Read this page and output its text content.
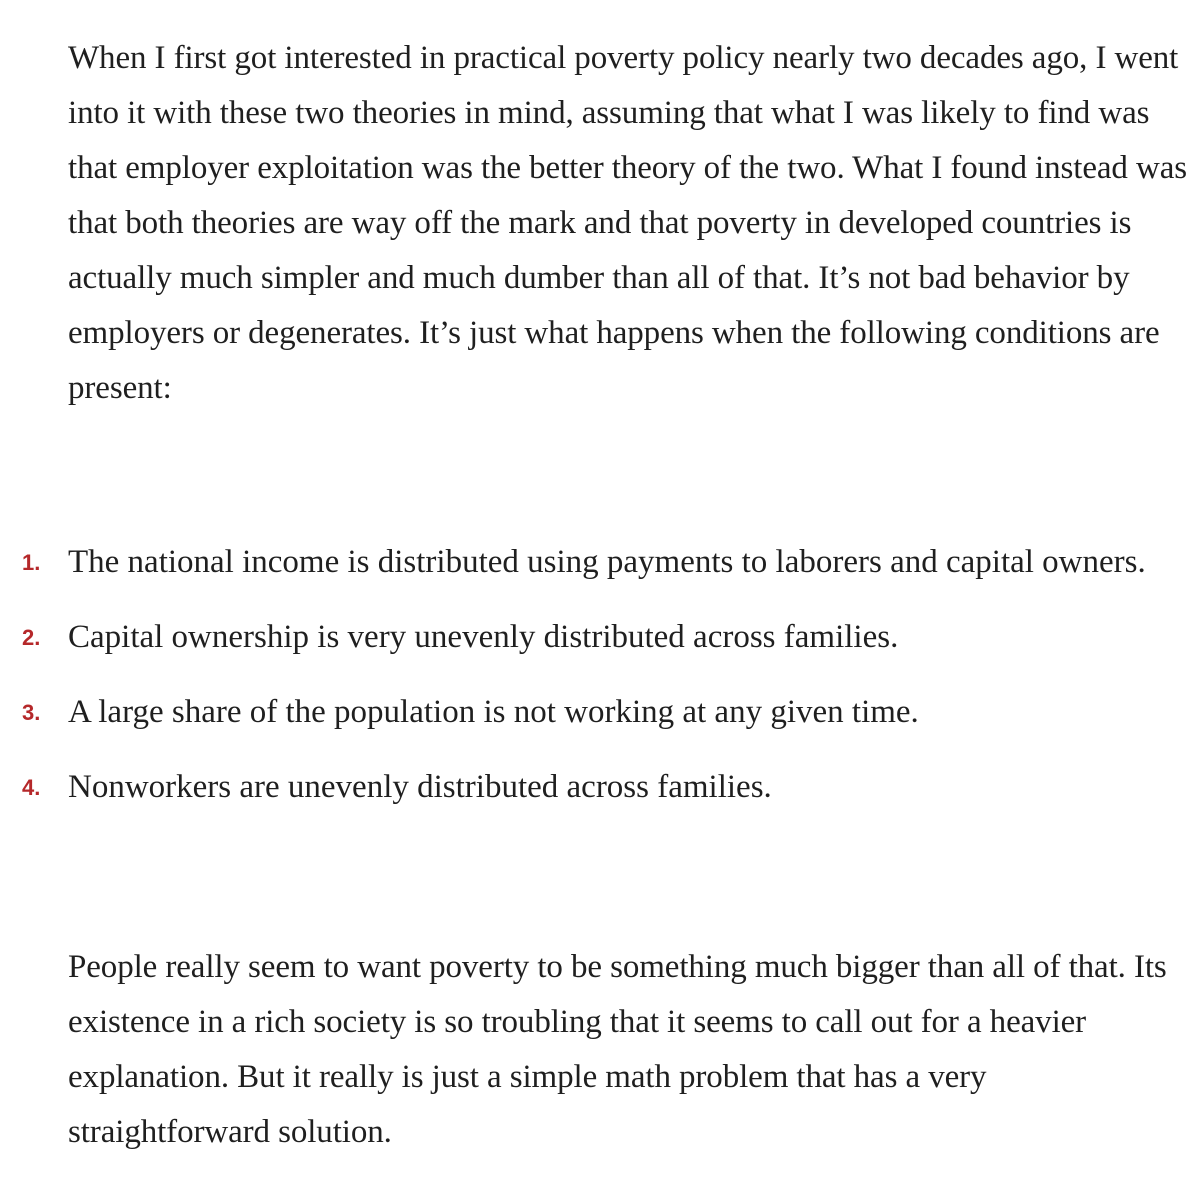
When I first got interested in practical poverty policy nearly two decades ago, I went into it with these two theories in mind, assuming that what I was likely to find was that employer exploitation was the better theory of the two. What I found instead was that both theories are way off the mark and that poverty in developed countries is actually much simpler and much dumber than all of that. It’s not bad behavior by employers or degenerates. It’s just what happens when the following conditions are present:

1. The national income is distributed using payments to laborers and capital owners.
2. Capital ownership is very unevenly distributed across families.
3. A large share of the population is not working at any given time.
4. Nonworkers are unevenly distributed across families.

People really seem to want poverty to be something much bigger than all of that. Its existence in a rich society is so troubling that it seems to call out for a heavier explanation. But it really is just a simple math problem that has a very straightforward solution.
